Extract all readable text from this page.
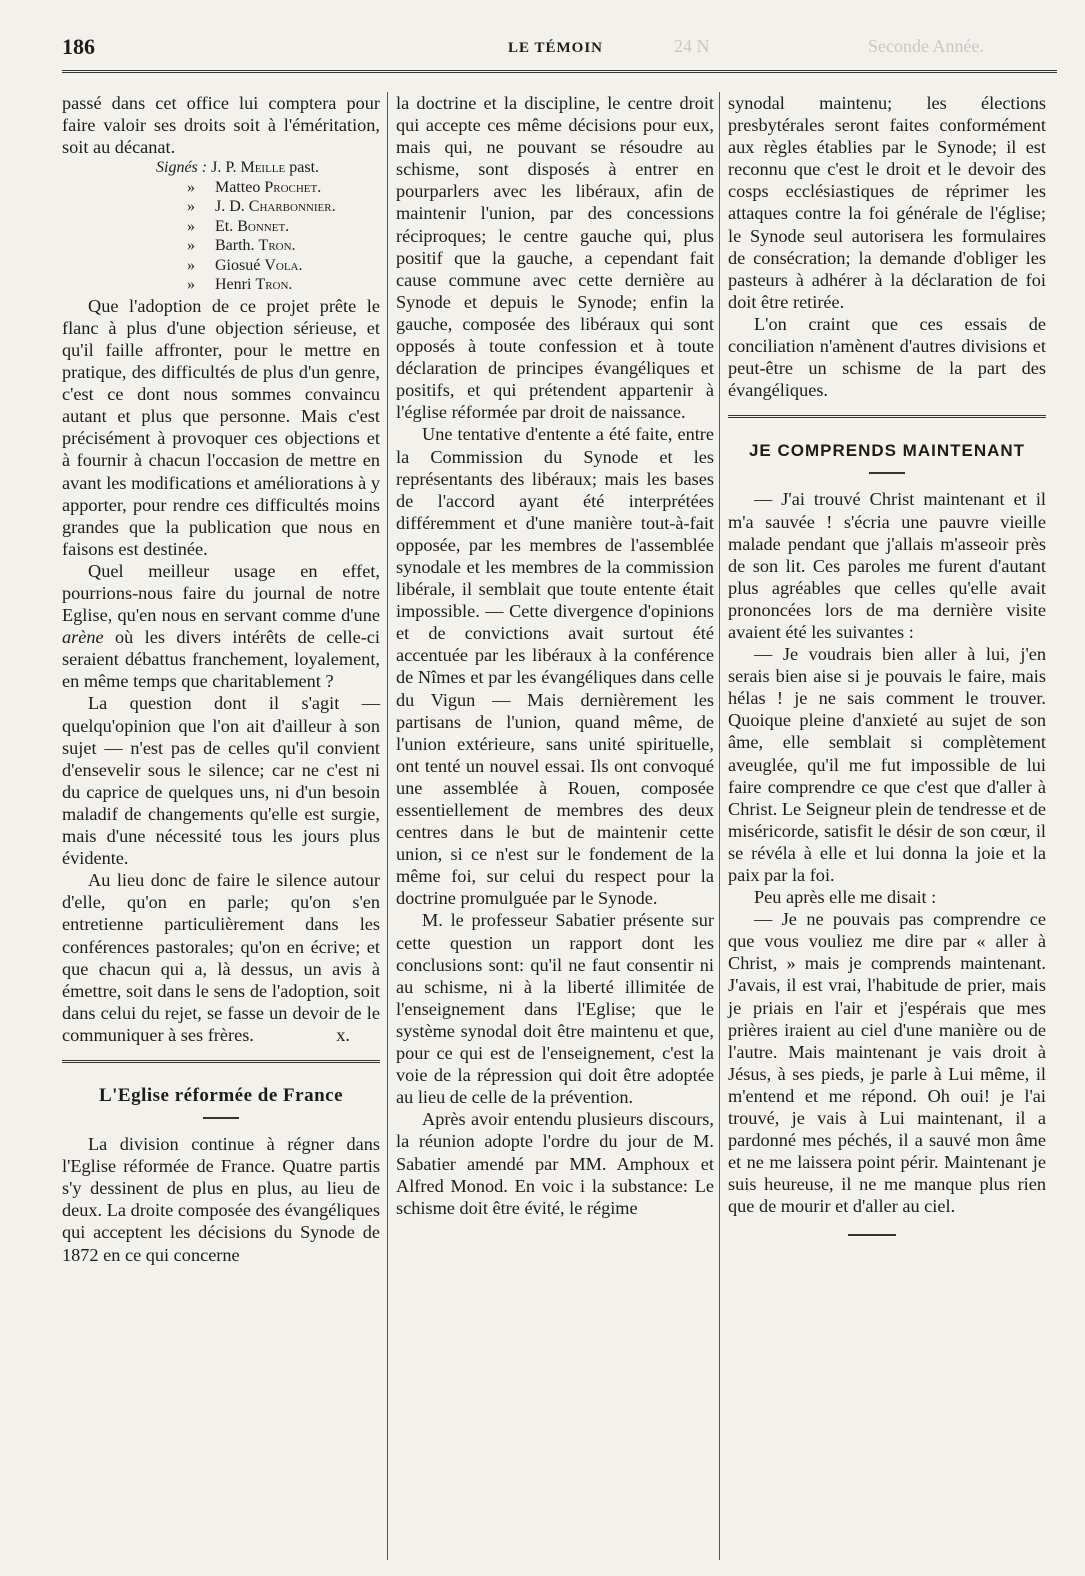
186	24 N
LE TÉMOIN	Seconde Année.

passé dans cet office lui comptera pour faire valoir ses droits soit à l'éméritation, soit au décanat.

Signés : J. P. Meille past.
» Matteo Prochet.
» J. D. Charbonnier.
» Et. Bonnet.
» Barth. Tron.
» Giosué Vola.
» Henri Tron.

Que l'adoption de ce projet prête le flanc à plus d'une objection sérieuse, et qu'il faille affronter, pour le mettre en pratique, des difficultés de plus d'un genre, c'est ce dont nous sommes convaincu autant et plus que personne. Mais c'est précisément à provoquer ces objections et à fournir à chacun l'occasion de mettre en avant les modifications et améliorations à y apporter, pour rendre ces difficultés moins grandes que la publication que nous en faisons est destinée.

Quel meilleur usage en effet, pourrions-nous faire du journal de notre Eglise, qu'en nous en servant comme d'une arène où les divers intérêts de celle-ci seraient débattus franchement, loyalement, en même temps que charitablement ?

La question dont il s'agit — quelqu'opinion que l'on ait d'ailleur à son sujet — n'est pas de celles qu'il convient d'ensevelir sous le silence; car ne c'est ni du caprice de quelques uns, ni d'un besoin maladif de changements qu'elle est surgie, mais d'une nécessité tous les jours plus évidente.

Au lieu donc de faire le silence autour d'elle, qu'on en parle; qu'on s'en entretienne particulièrement dans les conférences pastorales; qu'on en écrive; et que chacun qui a, là dessus, un avis à émettre, soit dans le sens de l'adoption, soit dans celui du rejet, se fasse un devoir de le communiquer à ses frères.	x.

L'Eglise réformée de France

La division continue à régner dans l'Eglise réformée de France. Quatre partis s'y dessinent de plus en plus, au lieu de deux. La droite composée des évangéliques qui acceptent les décisions du Synode de 1872 en ce qui concerne

la doctrine et la discipline, le centre droit qui accepte ces même décisions pour eux, mais qui, ne pouvant se résoudre au schisme, sont disposés à entrer en pourparlers avec les libéraux, afin de maintenir l'union, par des concessions réciproques; le centre gauche qui, plus positif que la gauche, a cependant fait cause commune avec cette dernière au Synode et depuis le Synode; enfin la gauche, composée des libéraux qui sont opposés à toute confession et à toute déclaration de principes évangéliques et positifs, et qui prétendent appartenir à l'église réformée par droit de naissance.

Une tentative d'entente a été faite, entre la Commission du Synode et les représentants des libéraux; mais les bases de l'accord ayant été interprétées différemment et d'une manière tout-à-fait opposée, par les membres de l'assemblée synodale et les membres de la commission libérale, il semblait que toute entente était impossible. — Cette divergence d'opinions et de convictions avait surtout été accentuée par les libéraux à la conférence de Nîmes et par les évangéliques dans celle du Vigun — Mais dernièrement les partisans de l'union, quand même, de l'union extérieure, sans unité spirituelle, ont tenté un nouvel essai. Ils ont convoqué une assemblée à Rouen, composée essentiellement de membres des deux centres dans le but de maintenir cette union, si ce n'est sur le fondement de la même foi, sur celui du respect pour la doctrine promulguée par le Synode.

M. le professeur Sabatier présente sur cette question un rapport dont les conclusions sont: qu'il ne faut consentir ni au schisme, ni à la liberté illimitée de l'enseignement dans l'Eglise; que le système synodal doit être maintenu et que, pour ce qui est de l'enseignement, c'est la voie de la répression qui doit être adoptée au lieu de celle de la prévention.

Après avoir entendu plusieurs discours, la réunion adopte l'ordre du jour de M. Sabatier amendé par MM. Amphoux et Alfred Monod. En voic i la substance: Le schisme doit être évité, le régime

synodal maintenu; les élections presbytérales seront faites conformément aux règles établies par le Synode; il est reconnu que c'est le droit et le devoir des cosps ecclésiastiques de réprimer les attaques contre la foi générale de l'église; le Synode seul autorisera les formulaires de consécration; la demande d'obliger les pasteurs à adhérer à la déclaration de foi doit être retirée.

L'on craint que ces essais de conciliation n'amènent d'autres divisions et peut-être un schisme de la part des évangéliques.

JE COMPRENDS MAINTENANT

— J'ai trouvé Christ maintenant et il m'a sauvée ! s'écria une pauvre vieille malade pendant que j'allais m'asseoir près de son lit. Ces paroles me furent d'autant plus agréables que celles qu'elle avait prononcées lors de ma dernière visite avaient été les suivantes :

— Je voudrais bien aller à lui, j'en serais bien aise si je pouvais le faire, mais hélas ! je ne sais comment le trouver. Quoique pleine d'anxieté au sujet de son âme, elle semblait si complètement aveuglée, qu'il me fut impossible de lui faire comprendre ce que c'est que d'aller à Christ. Le Seigneur plein de tendresse et de miséricorde, satisfit le désir de son cœur, il se révéla à elle et lui donna la joie et la paix par la foi.

Peu après elle me disait :

— Je ne pouvais pas comprendre ce que vous vouliez me dire par « aller à Christ, » mais je comprends maintenant. J'avais, il est vrai, l'habitude de prier, mais je priais en l'air et j'espérais que mes prières iraient au ciel d'une manière ou de l'autre. Mais maintenant je vais droit à Jésus, à ses pieds, je parle à Lui même, il m'entend et me répond. Oh oui! je l'ai trouvé, je vais à Lui maintenant, il a pardonné mes péchés, il a sauvé mon âme et ne me laissera point périr. Maintenant je suis heureuse, il ne me manque plus rien que de mourir et d'aller au ciel.
